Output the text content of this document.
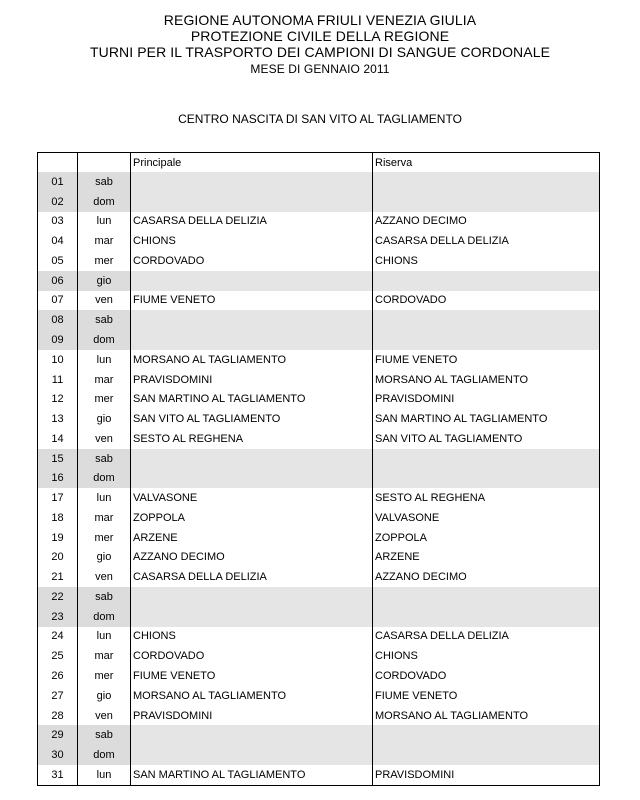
REGIONE AUTONOMA FRIULI VENEZIA GIULIA
PROTEZIONE CIVILE DELLA REGIONE
TURNI PER IL TRASPORTO DEI CAMPIONI DI SANGUE CORDONALE
MESE DI GENNAIO 2011
CENTRO NASCITA DI SAN VITO AL TAGLIAMENTO
		Principale	Riserva
01	sab		
02	dom		
03	lun	CASARSA DELLA DELIZIA	AZZANO DECIMO
04	mar	CHIONS	CASARSA DELLA DELIZIA
05	mer	CORDOVADO	CHIONS
06	gio		
07	ven	FIUME VENETO	CORDOVADO
08	sab		
09	dom		
10	lun	MORSANO AL TAGLIAMENTO	FIUME VENETO
11	mar	PRAVISDOMINI	MORSANO AL TAGLIAMENTO
12	mer	SAN MARTINO AL TAGLIAMENTO	PRAVISDOMINI
13	gio	SAN VITO AL TAGLIAMENTO	SAN MARTINO AL TAGLIAMENTO
14	ven	SESTO AL REGHENA	SAN VITO AL TAGLIAMENTO
15	sab		
16	dom		
17	lun	VALVASONE	SESTO AL REGHENA
18	mar	ZOPPOLA	VALVASONE
19	mer	ARZENE	ZOPPOLA
20	gio	AZZANO DECIMO	ARZENE
21	ven	CASARSA DELLA DELIZIA	AZZANO DECIMO
22	sab		
23	dom		
24	lun	CHIONS	CASARSA DELLA DELIZIA
25	mar	CORDOVADO	CHIONS
26	mer	FIUME VENETO	CORDOVADO
27	gio	MORSANO AL TAGLIAMENTO	FIUME VENETO
28	ven	PRAVISDOMINI	MORSANO AL TAGLIAMENTO
29	sab		
30	dom		
31	lun	SAN MARTINO AL TAGLIAMENTO	PRAVISDOMINI
